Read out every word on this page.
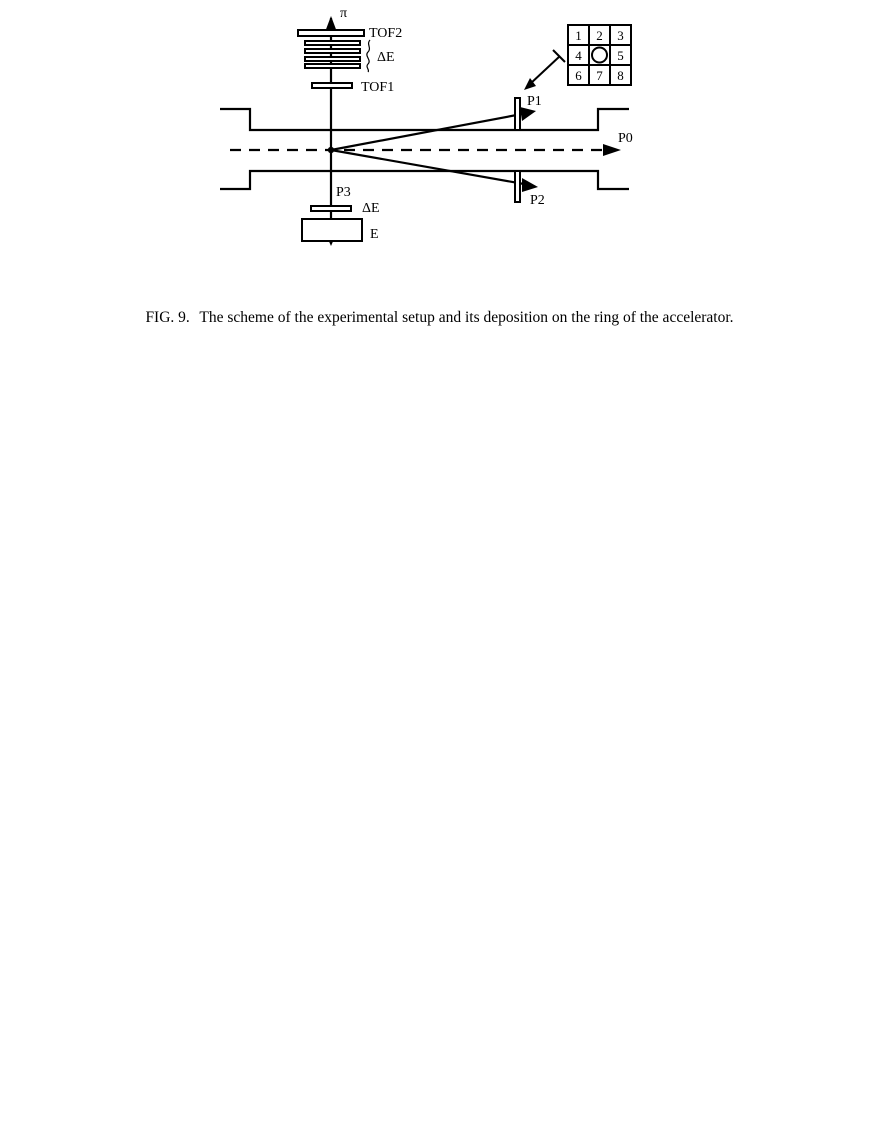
1 2 3
4	5
6 7 8
π
TOF2
ΔE
TOF1
P1
P0
P2
P3
ΔE
E
FIG. 9. The scheme of the experimental setup and its deposition on the ring of the accelerator.
